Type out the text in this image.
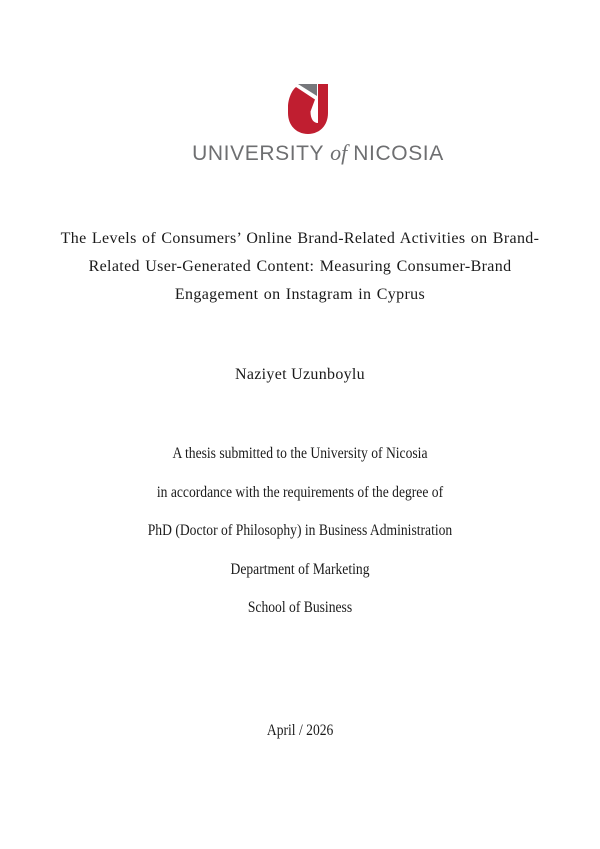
UNIVERSITY of NICOSIA
The Levels of Consumers’ Online Brand-Related Activities on Brand-
Related User-Generated Content: Measuring Consumer-Brand
Engagement on Instagram in Cyprus
Naziyet Uzunboylu
A thesis submitted to the University of Nicosia
in accordance with the requirements of the degree of
PhD (Doctor of Philosophy) in Business Administration
Department of Marketing
School of Business
April / 2026
